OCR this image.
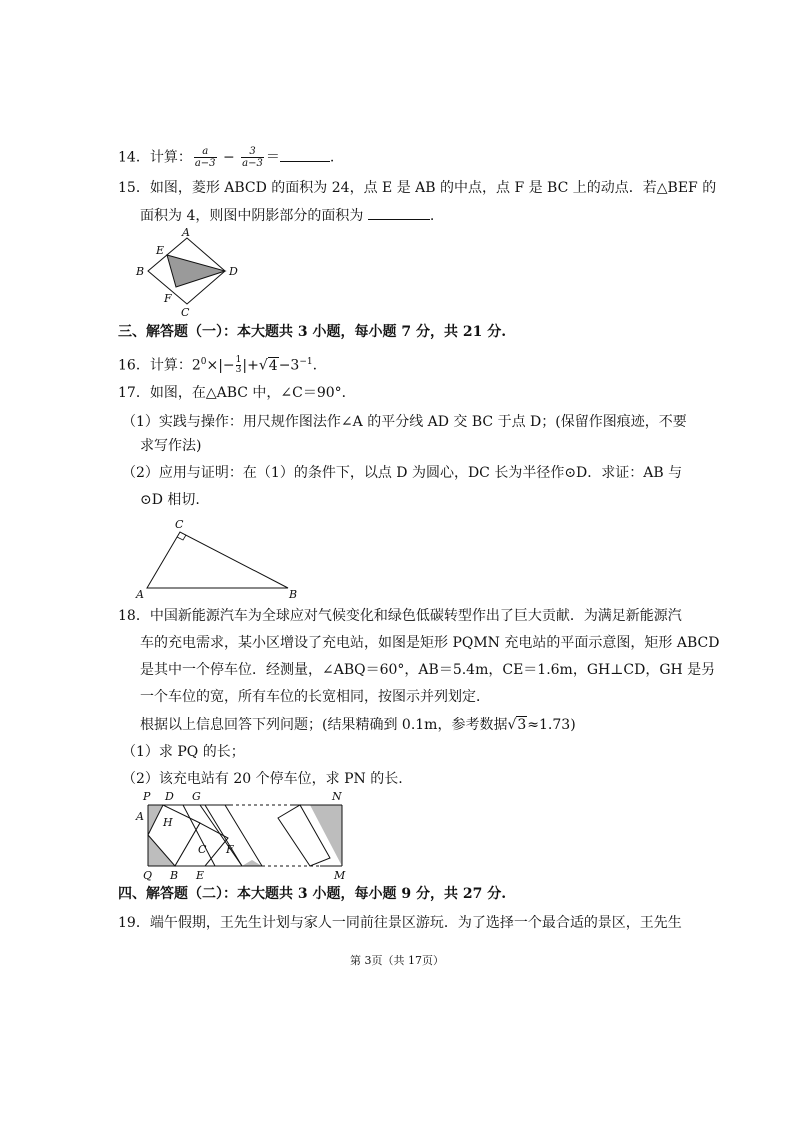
14．计算： $\frac{a}{a-3} - \frac{3}{a-3}$ ＝	.
15．如图，菱形 ABCD 的面积为 24，点 E 是 AB 的中点，点 F 是 BC 上的动点．若△BEF 的
面积为 4，则图中阴影部分的面积为	.
A
E
B	D
F
C
三、解答题（一）：本大题共 3 小题，每小题 7 分，共 21 分.
16．计算：$2^0\times|- \frac{1}{3} |+√4-3^{-1}$.
17．如图，在△ABC 中，∠C＝90°．
（1）实践与操作：用尺规作图法作∠A 的平分线 AD 交 BC 于点 D；(保留作图痕迹，不要
求写作法)
（2）应用与证明：在（1）的条件下，以点 D 为圆心，DC 长为半径作⊙D．求证：AB 与
⊙D 相切.
C
A	B
18．中国新能源汽车为全球应对气候变化和绿色低碳转型作出了巨大贡献．为满足新能源汽
车的充电需求，某小区增设了充电站，如图是矩形 PQMN 充电站的平面示意图，矩形 ABCD
是其中一个停车位．经测量，∠ABQ＝60°，AB＝5.4m，CE＝1.6m，GH⊥CD，GH 是另
一个车位的宽，所有车位的长宽相同，按图示并列划定．
根据以上信息回答下列问题；(结果精确到 0.1m，参考数据√3≈1.73)
（1）求 PQ 的长；
（2）该充电站有 20 个停车位，求 PN 的长.
P D G	N
A H
C F
Q B E	M
四、解答题（二）：本大题共 3 小题，每小题 9 分，共 27 分.
19．端午假期，王先生计划与家人一同前往景区游玩．为了选择一个最合适的景区，王先生
第 3页（共 17页）
